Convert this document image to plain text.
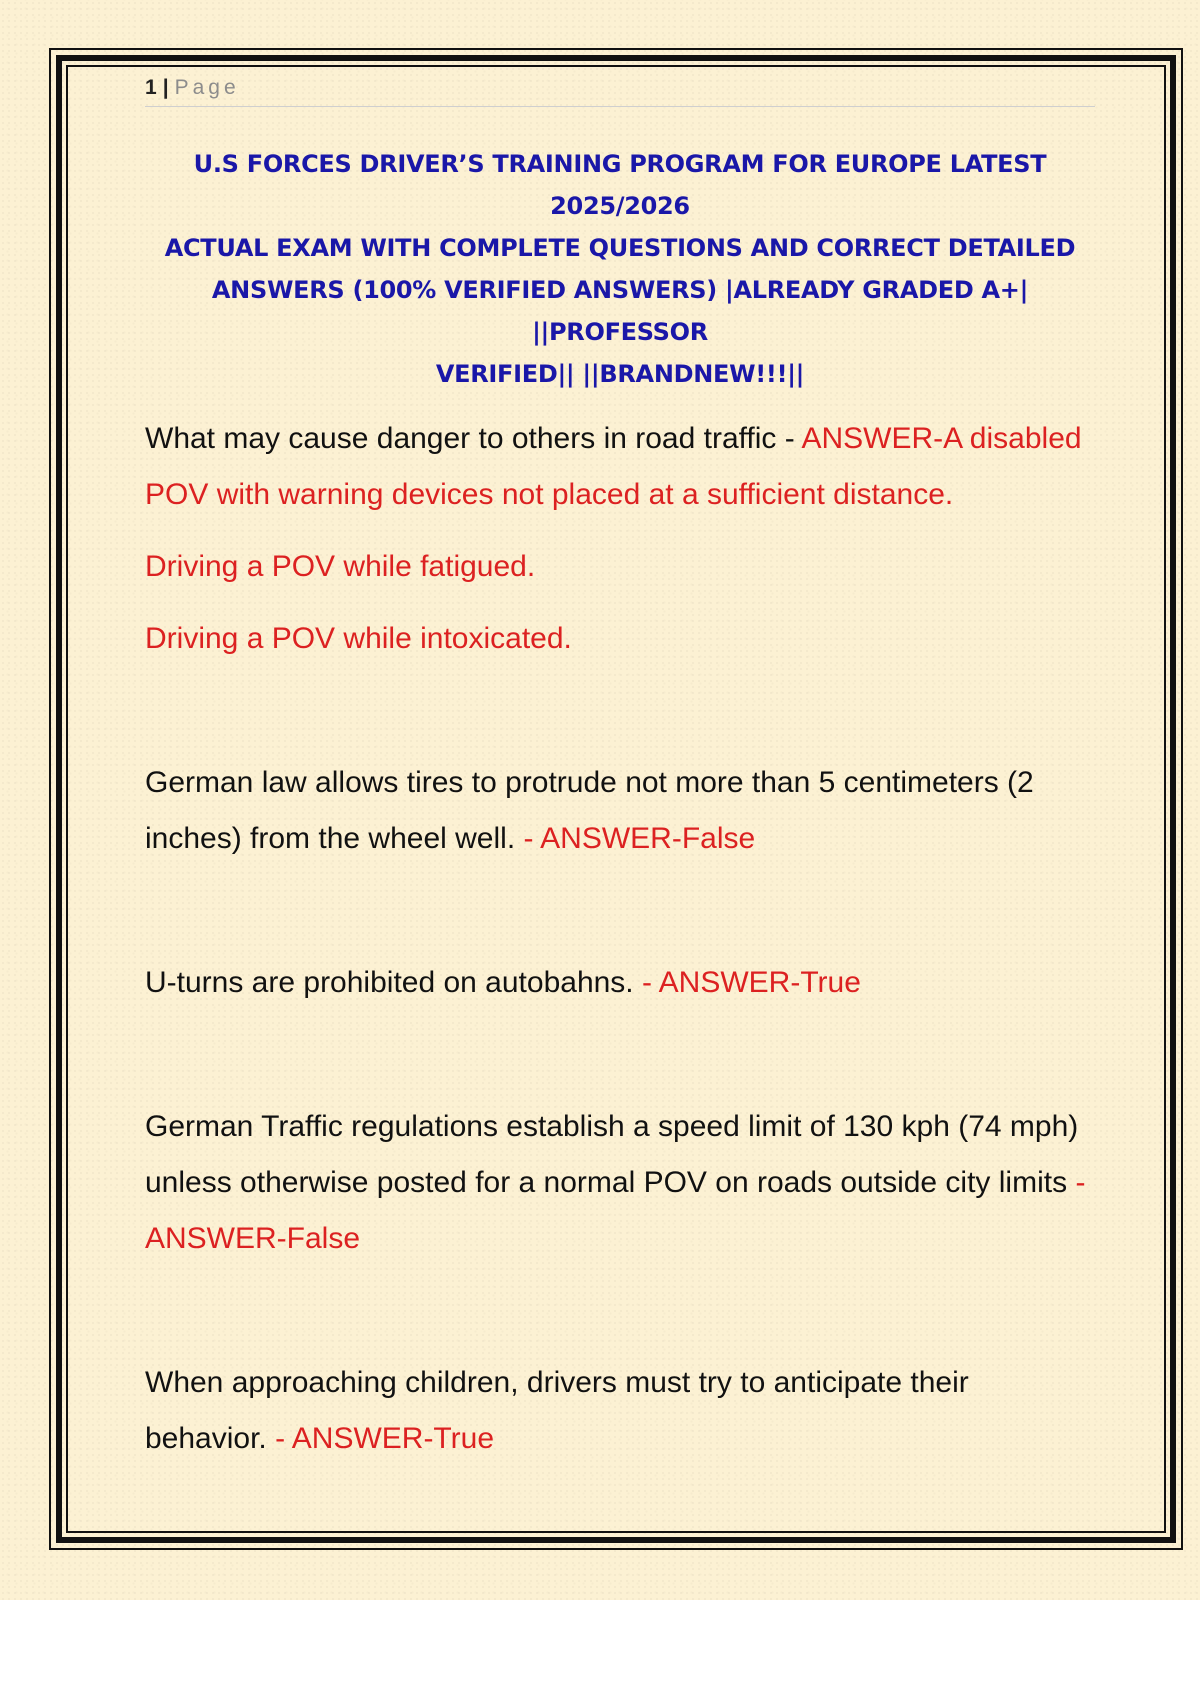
1 | Page
U.S FORCES DRIVER’S TRAINING PROGRAM FOR EUROPE LATEST 2025/2026
ACTUAL EXAM WITH COMPLETE QUESTIONS AND CORRECT DETAILED
ANSWERS (100% VERIFIED ANSWERS) |ALREADY GRADED A+| ||PROFESSOR
VERIFIED|| ||BRANDNEW!!!||

What may cause danger to others in road traffic - ANSWER-A disabled POV with warning devices not placed at a sufficient distance.

Driving a POV while fatigued.

Driving a POV while intoxicated.

German law allows tires to protrude not more than 5 centimeters (2 inches) from the wheel well. - ANSWER-False

U-turns are prohibited on autobahns. - ANSWER-True

German Traffic regulations establish a speed limit of 130 kph (74 mph) unless otherwise posted for a normal POV on roads outside city limits - ANSWER-False

When approaching children, drivers must try to anticipate their behavior. - ANSWER-True
